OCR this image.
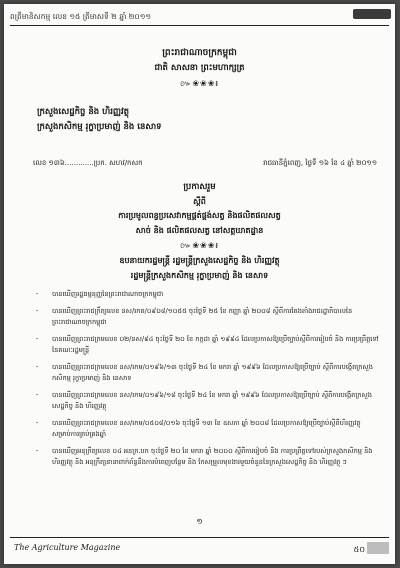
ពត្រឹមានិសកម្ម លេខ ១៥ ត្រីមាសទី ២ ឆ្នាំ ២០១១
ព្រះរាជាណាចក្រកម្ពុជា
ជាតិ សាសនា ព្រះមហាក្សត្រ
៚❀❀❀៛
ក្រសួងសេដ្ឋកិច្ច និង ហិរញ្ញវត្ថុ
ក្រសួងកសិកម្ម រុក្ខាប្រមាញ់ និង នេសាទ
លេខ ១៣៦.............ប្រក. សហវ/កសក	រាជធានីភ្នំពេញ, ថ្ងៃទី ១៦ ខែ ៤ ឆ្នាំ ២០១១
ប្រកាសរួម
ស្តីពី
ការប្រមូលពន្ធប្រសេវាកម្មផ្គត់ផ្គង់សត្វ និងផលិតផលសត្វ
សាច់ និង ផលិតផលសត្វ នៅសត្តឃាតដ្ឋាន
៚❀❀❀៛
ឧបនាយករដ្ឋមន្ត្រី រដ្ឋមន្ត្រីក្រសួងសេដ្ឋកិច្ច និង ហិរញ្ញវត្ថុ
រដ្ឋមន្ត្រីក្រសួងកសិកម្ម រុក្ខាប្រមាញ់ និង នេសាទ
- បានឃើញរដ្ឋធម្មនុញ្ញនៃព្រះរាជាណាចក្រកម្ពុជា
- បានឃើញព្រះរាជក្រឹត្យលេខ នស/រកត/០៩០៨/១០៥៥ ចុះថ្ងៃទី ២៥ ខែ កញ្ញា ឆ្នាំ ២០០៨ ស្តីពីការតែងតាំងរាជរដ្ឋាភិបាលនៃព្រះរាជាណាចក្រកម្ពុជា
- បានឃើញព្រះរាជក្រមលេខ ០២/នស/៩៤ ចុះថ្ងៃទី ២០ ខែ កក្កដា ឆ្នាំ ១៩៩៤ ដែលប្រកាសឱ្យប្រើច្បាប់ស្តីពីការរៀបចំ និង ការប្រព្រឹត្តទៅនៃគណៈរដ្ឋមន្ត្រី
- បានឃើញព្រះរាជក្រមលេខ នស/រកម/០១៩៦/១៣ ចុះថ្ងៃទី ២៤ ខែ មករា ឆ្នាំ ១៩៩៦ ដែលប្រកាសឱ្យប្រើច្បាប់ ស្តីពីការបង្កើតក្រសួងកសិកម្ម រុក្ខាប្រមាញ់ និង នេសាទ
- បានឃើញព្រះរាជក្រមលេខ នស/រកម/០១៩៦/១៨ ចុះថ្ងៃទី ២៤ ខែ មករា ឆ្នាំ ១៩៩៦ ដែលប្រកាសឱ្យប្រើច្បាប់ ស្តីពីការបង្កើតក្រសួងសេដ្ឋកិច្ច និង ហិរញ្ញវត្ថុ
- បានឃើញព្រះរាជក្រមលេខ នស/រកម/០៥០៨/០១៦ ចុះថ្ងៃទី ១៣ ខែ ឧសភា ឆ្នាំ ២០០៨ ដែលប្រកាសឱ្យប្រើច្បាប់ស្តីពីហិរញ្ញវត្ថុសម្រាប់ការគ្រប់គ្រងឆ្នាំ
- បានឃើញអនុក្រឹត្យលេខ ០៤ អនក្រ.បក ចុះថ្ងៃទី ២០ ខែ មករា ឆ្នាំ ២០០០ ស្តីពីការរៀបចំ និង ការប្រព្រឹត្តទៅរបស់ក្រសួងកសិកម្ម និង ហិរញ្ញវត្ថុ និង អនុក្រឹត្យនានាពាក់ព័ន្ធនឹងការបំពេញបន្ថែម និង កែសម្រួលមុខងារមួយចំនួននៃក្រសួងសេដ្ឋកិច្ច និង ហិរញ្ញវត្ថុ ៗ
១
The Agriculture Magazine	៥០
